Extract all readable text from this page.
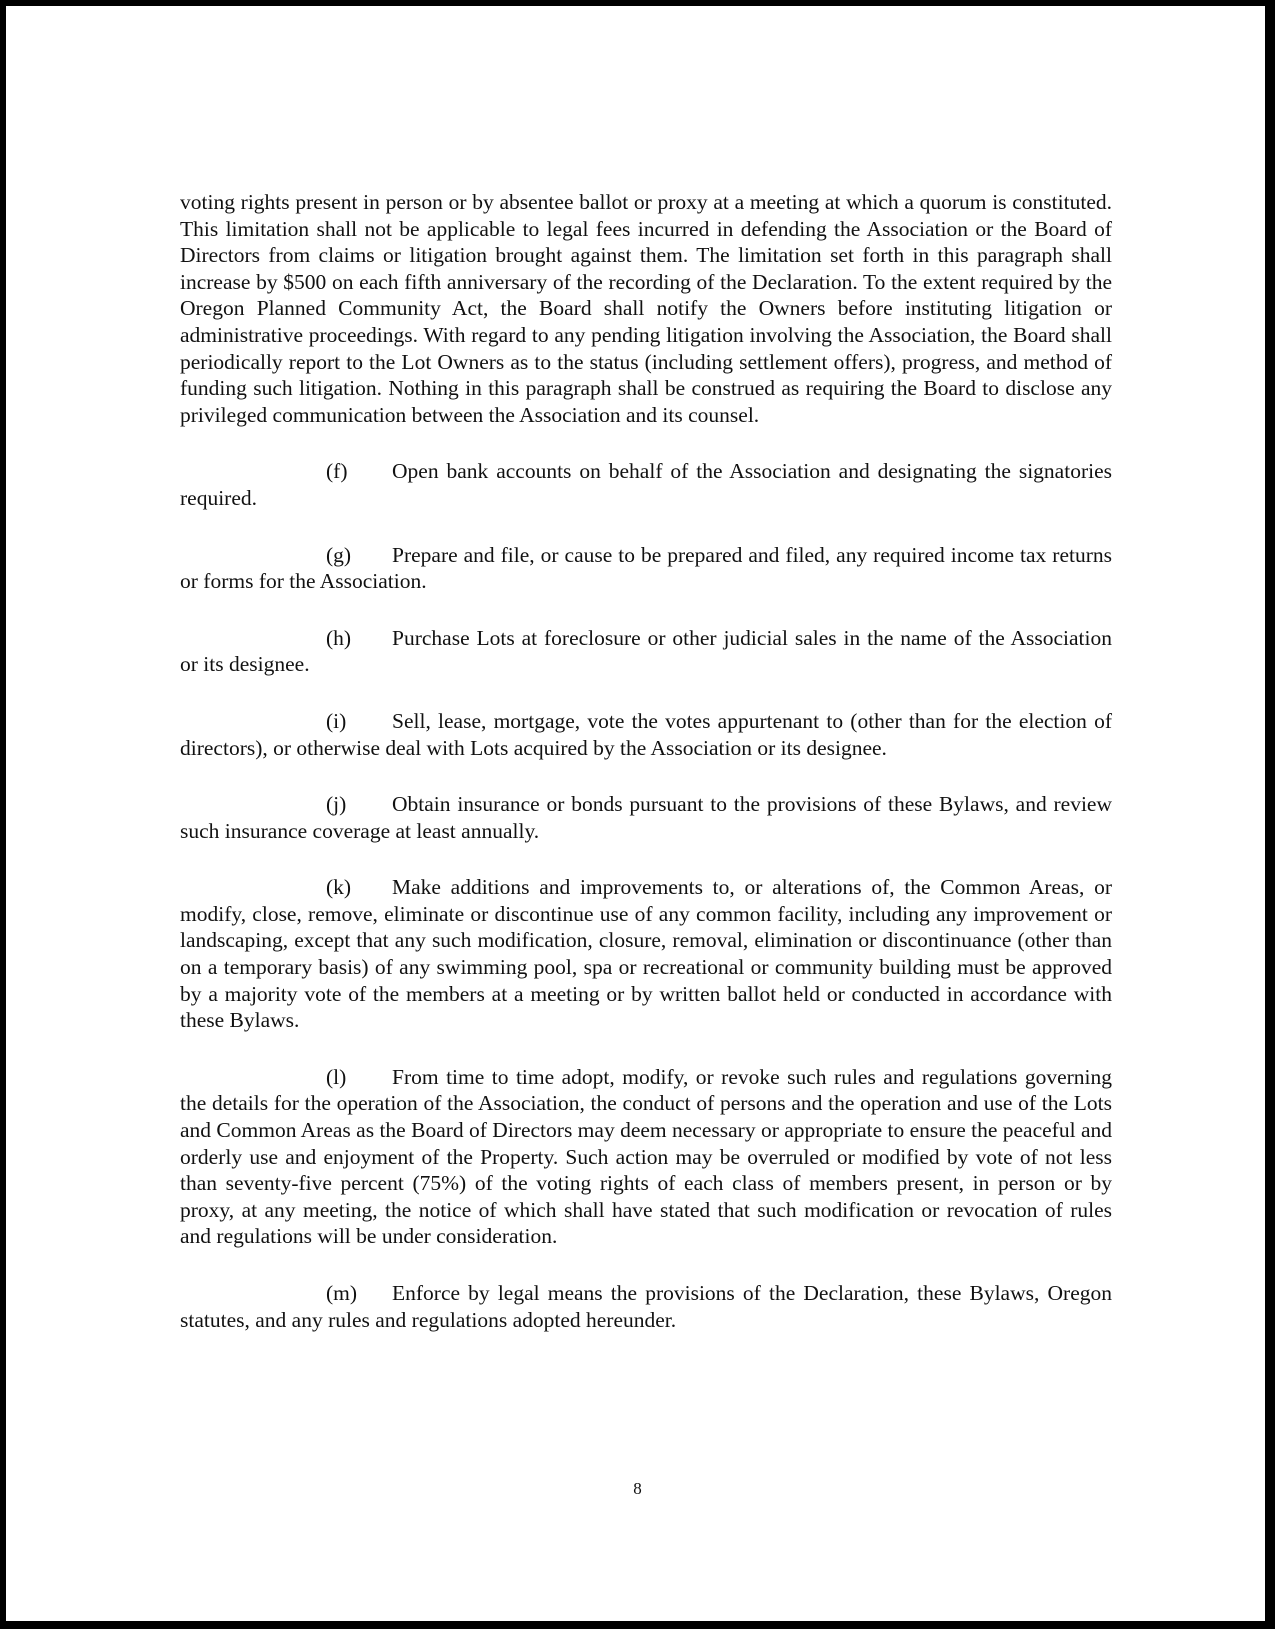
voting rights present in person or by absentee ballot or proxy at a meeting at which a quorum is constituted. This limitation shall not be applicable to legal fees incurred in defending the Association or the Board of Directors from claims or litigation brought against them. The limitation set forth in this paragraph shall increase by $500 on each fifth anniversary of the recording of the Declaration. To the extent required by the Oregon Planned Community Act, the Board shall notify the Owners before instituting litigation or administrative proceedings. With regard to any pending litigation involving the Association, the Board shall periodically report to the Lot Owners as to the status (including settlement offers), progress, and method of funding such litigation. Nothing in this paragraph shall be construed as requiring the Board to disclose any privileged communication between the Association and its counsel.

(f) Open bank accounts on behalf of the Association and designating the signatories required.

(g) Prepare and file, or cause to be prepared and filed, any required income tax returns or forms for the Association.

(h) Purchase Lots at foreclosure or other judicial sales in the name of the Association or its designee.

(i) Sell, lease, mortgage, vote the votes appurtenant to (other than for the election of directors), or otherwise deal with Lots acquired by the Association or its designee.

(j) Obtain insurance or bonds pursuant to the provisions of these Bylaws, and review such insurance coverage at least annually.

(k) Make additions and improvements to, or alterations of, the Common Areas, or modify, close, remove, eliminate or discontinue use of any common facility, including any improvement or landscaping, except that any such modification, closure, removal, elimination or discontinuance (other than on a temporary basis) of any swimming pool, spa or recreational or community building must be approved by a majority vote of the members at a meeting or by written ballot held or conducted in accordance with these Bylaws.

(l) From time to time adopt, modify, or revoke such rules and regulations governing the details for the operation of the Association, the conduct of persons and the operation and use of the Lots and Common Areas as the Board of Directors may deem necessary or appropriate to ensure the peaceful and orderly use and enjoyment of the Property. Such action may be overruled or modified by vote of not less than seventy-five percent (75%) of the voting rights of each class of members present, in person or by proxy, at any meeting, the notice of which shall have stated that such modification or revocation of rules and regulations will be under consideration.

(m) Enforce by legal means the provisions of the Declaration, these Bylaws, Oregon statutes, and any rules and regulations adopted hereunder.

8
